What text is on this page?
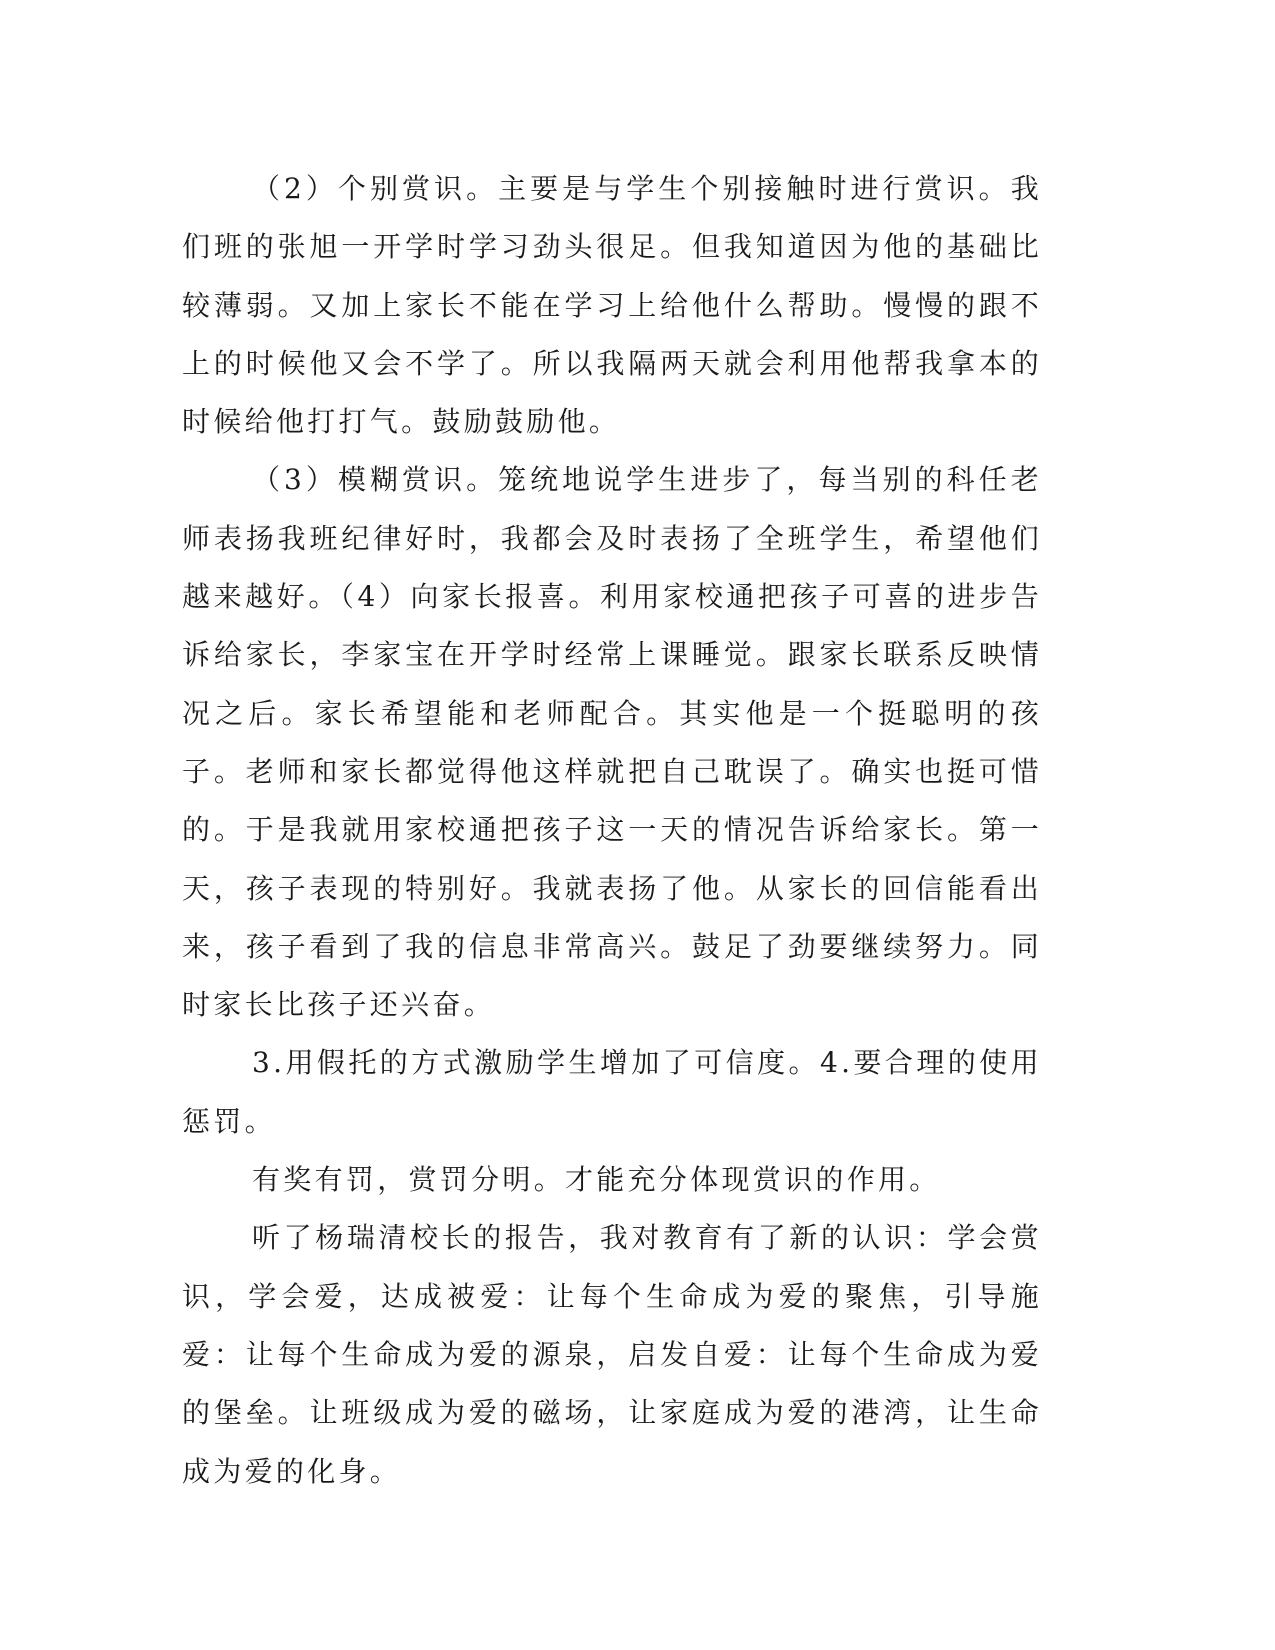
（2）个别赏识。主要是与学生个别接触时进行赏识。我们班的张旭一开学时学习劲头很足。但我知道因为他的基础比较薄弱。又加上家长不能在学习上给他什么帮助。慢慢的跟不上的时候他又会不学了。所以我隔两天就会利用他帮我拿本的时候给他打打气。鼓励鼓励他。

（3）模糊赏识。笼统地说学生进步了，每当别的科任老师表扬我班纪律好时，我都会及时表扬了全班学生，希望他们越来越好。（4）向家长报喜。利用家校通把孩子可喜的进步告诉给家长，李家宝在开学时经常上课睡觉。跟家长联系反映情况之后。家长希望能和老师配合。其实他是一个挺聪明的孩子。老师和家长都觉得他这样就把自己耽误了。确实也挺可惜的。于是我就用家校通把孩子这一天的情况告诉给家长。第一天，孩子表现的特别好。我就表扬了他。从家长的回信能看出来，孩子看到了我的信息非常高兴。鼓足了劲要继续努力。同时家长比孩子还兴奋。

3.用假托的方式激励学生增加了可信度。4.要合理的使用惩罚。

有奖有罚，赏罚分明。才能充分体现赏识的作用。

听了杨瑞清校长的报告，我对教育有了新的认识：学会赏识，学会爱，达成被爱：让每个生命成为爱的聚焦，引导施爱：让每个生命成为爱的源泉，启发自爱：让每个生命成为爱的堡垒。让班级成为爱的磁场，让家庭成为爱的港湾，让生命成为爱的化身。
